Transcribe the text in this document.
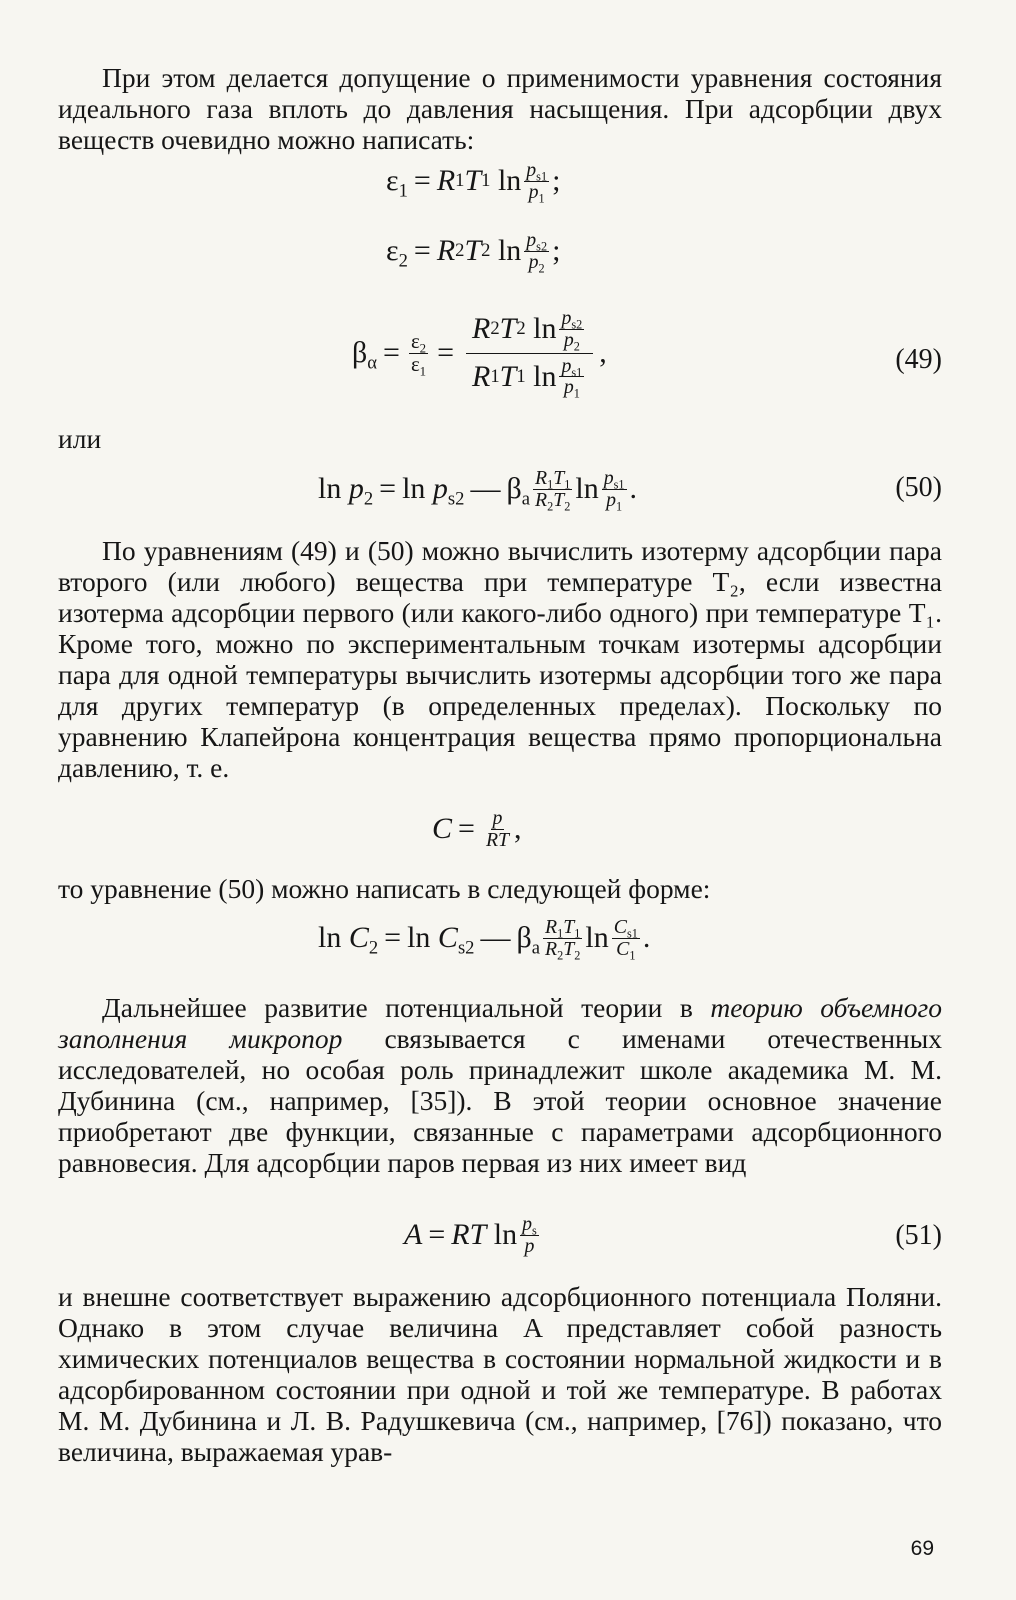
При этом делается допущение о применимости уравнения состояния идеального газа вплоть до давления насыщения. При адсорбции двух веществ очевидно можно написать:

$\varepsilon_1 = R$ 1 T 1 $\ln \frac{p_{s1}}{p_1}$ ;
$\varepsilon_2 = R$ 2 T 2 $\ln \frac{p_{s2}}{p_2}$ ;
$\beta_\alpha = \frac{\varepsilon_2}{\varepsilon_1} = \frac{R 2 T 2 \ln \frac{p_{s2}}{p_2}}{R 1 T 1 \ln \frac{p_{s1}}{p_1}}$ ,	(49)
или
$\ln p_2 = \ln p_{s2}$ — $\beta_a \frac{R_1T_1}{R_2T_2}$ $\ln \frac{p_{s1}}{p_1}$ .	(50)

По уравнениям (49) и (50) можно вычислить изотерму адсорбции пара второго (или любого) вещества при температуре T₂, если известна изотерма адсорбции первого (или какого-либо одного) при температуре T₁. Кроме того, можно по экспериментальным точкам изотермы адсорбции пара для одной температуры вычислить изотермы адсорбции того же пара для других температур (в определенных пределах). Поскольку по уравнению Клапейрона концентрация вещества прямо пропорциональна давлению, т. е.

$C = \frac{p}{RT}$ ,

то уравнение (50) можно написать в следующей форме:

$\ln C_2 = \ln C_{s2}$ — $\beta_a \frac{R_1T_1}{R_2T_2}$ $\ln \frac{C_{s1}}{C_1}$ .

Дальнейшее развитие потенциальной теории в теорию объемного заполнения микропор связывается с именами отечественных исследователей, но особая роль принадлежит школе академика М. М. Дубинина (см., например, [35]). В этой теории основное значение приобретают две функции, связанные с параметрами адсорбционного равновесия. Для адсорбции паров первая из них имеет вид

A = RT $\ln \frac{p_s}{p}$	(51)

и внешне соответствует выражению адсорбционного потенциала Поляни. Однако в этом случае величина A представляет собой разность химических потенциалов вещества в состоянии нормальной жидкости и в адсорбированном состоянии при одной и той же температуре. В работах М. М. Дубинина и Л. В. Радушкевича (см., например, [76]) показано, что величина, выражаемая урав-

69
